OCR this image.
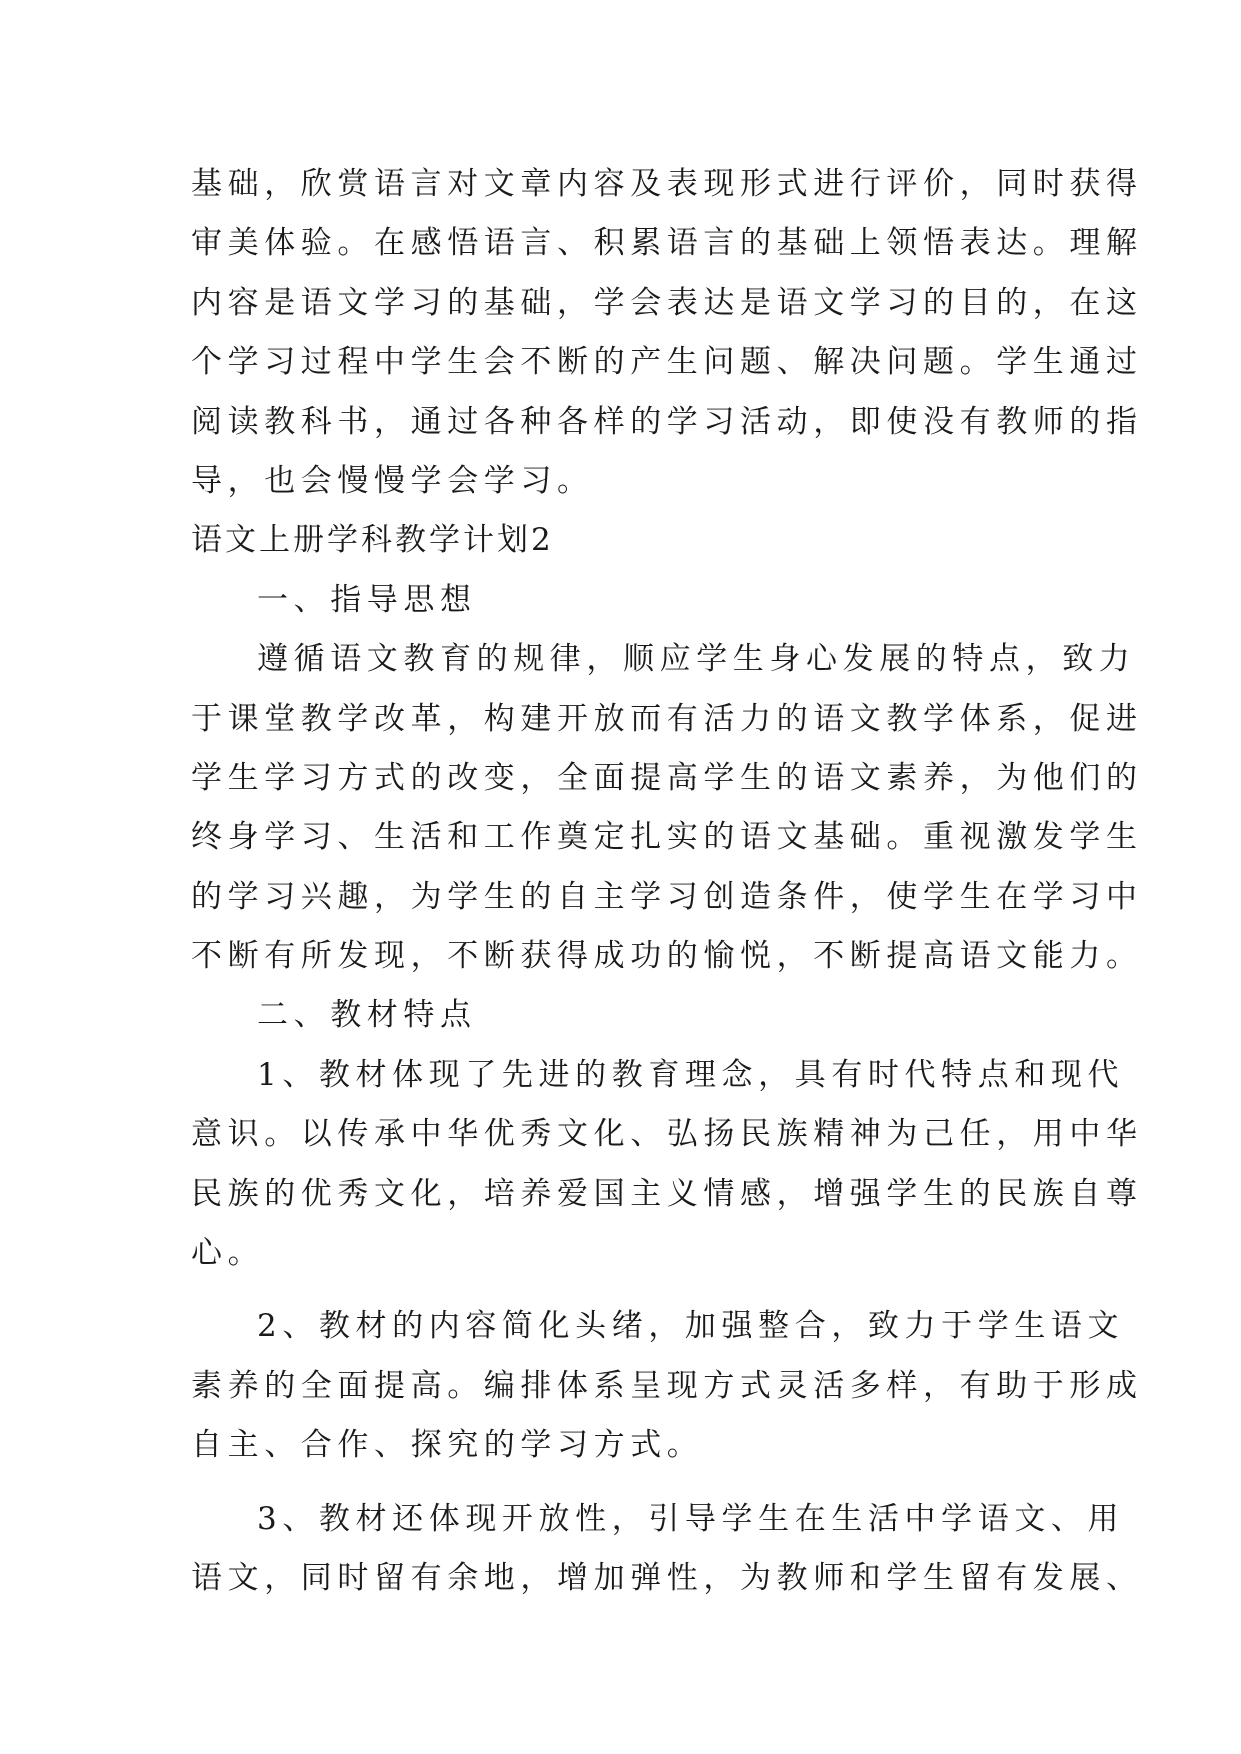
基础，欣赏语言对文章内容及表现形式进行评价，同时获得
审美体验。在感悟语言、积累语言的基础上领悟表达。理解
内容是语文学习的基础，学会表达是语文学习的目的，在这
个学习过程中学生会不断的产生问题、解决问题。学生通过
阅读教科书，通过各种各样的学习活动，即使没有教师的指
导，也会慢慢学会学习。
语文上册学科教学计划2
一、指导思想
遵循语文教育的规律，顺应学生身心发展的特点，致力
于课堂教学改革，构建开放而有活力的语文教学体系，促进
学生学习方式的改变，全面提高学生的语文素养，为他们的
终身学习、生活和工作奠定扎实的语文基础。重视激发学生
的学习兴趣，为学生的自主学习创造条件，使学生在学习中
不断有所发现，不断获得成功的愉悦，不断提高语文能力。
二、教材特点
1、教材体现了先进的教育理念，具有时代特点和现代
意识。以传承中华优秀文化、弘扬民族精神为己任，用中华
民族的优秀文化，培养爱国主义情感，增强学生的民族自尊
心。
2、教材的内容简化头绪，加强整合，致力于学生语文
素养的全面提高。编排体系呈现方式灵活多样，有助于形成
自主、合作、探究的学习方式。
3、教材还体现开放性，引导学生在生活中学语文、用
语文，同时留有余地，增加弹性，为教师和学生留有发展、
